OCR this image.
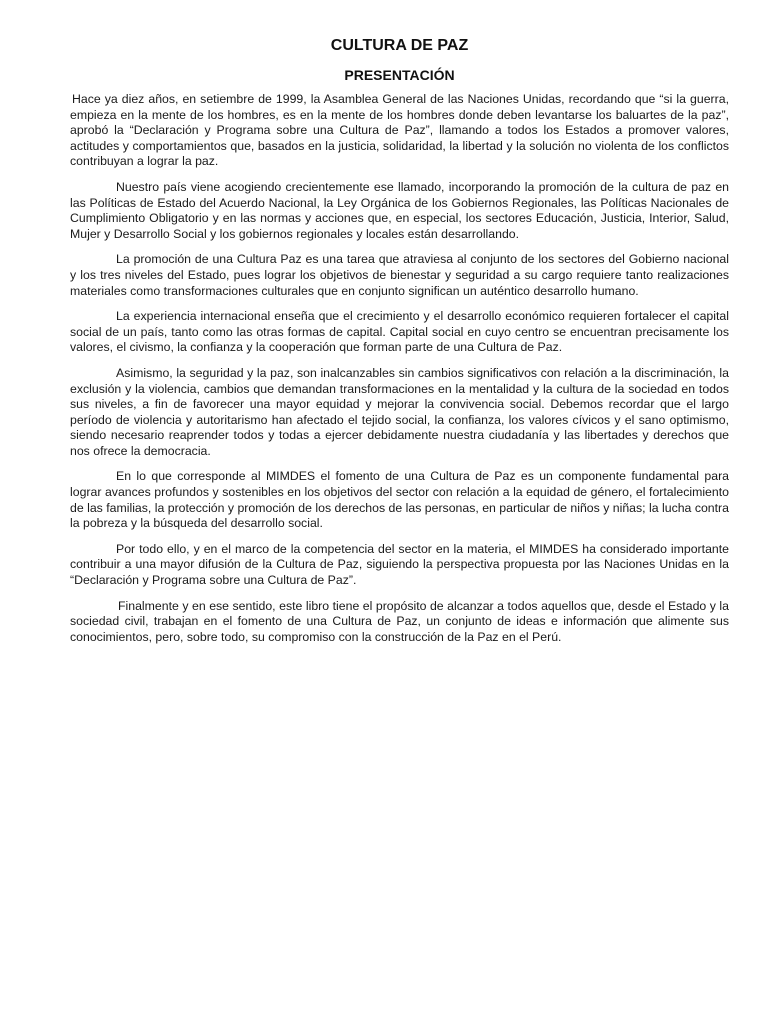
CULTURA DE PAZ
PRESENTACIÓN

Hace ya diez años, en setiembre de 1999, la Asamblea General de las Naciones Unidas, recordando que “si la guerra, empieza en la mente de los hombres, es en la mente de los hombres donde deben levantarse los baluartes de la paz”, aprobó la “Declaración y Programa sobre una Cultura de Paz”, llamando a todos los Estados a promover valores, actitudes y comportamientos que, basados en la justicia, solidaridad, la libertad y la solución no violenta de los conflictos contribuyan a lograr la paz.

Nuestro país viene acogiendo crecientemente ese llamado, incorporando la promoción de la cultura de paz en las Políticas de Estado del Acuerdo Nacional, la Ley Orgánica de los Gobiernos Regionales, las Políticas Nacionales de Cumplimiento Obligatorio y en las normas y acciones que, en especial, los sectores Educación, Justicia, Interior, Salud, Mujer y Desarrollo Social y los gobiernos regionales y locales están desarrollando.

La promoción de una Cultura Paz es una tarea que atraviesa al conjunto de los sectores del Gobierno nacional y los tres niveles del Estado, pues lograr los objetivos de bienestar y seguridad a su cargo requiere tanto realizaciones materiales como transformaciones culturales que en conjunto significan un auténtico desarrollo humano.

La experiencia internacional enseña que el crecimiento y el desarrollo económico requieren fortalecer el capital social de un país, tanto como las otras formas de capital. Capital social en cuyo centro se encuentran precisamente los valores, el civismo, la confianza y la cooperación que forman parte de una Cultura de Paz.

Asimismo, la seguridad y la paz, son inalcanzables sin cambios significativos con relación a la discriminación, la exclusión y la violencia, cambios que demandan transformaciones en la mentalidad y la cultura de la sociedad en todos sus niveles, a fin de favorecer una mayor equidad y mejorar la convivencia social. Debemos recordar que el largo período de violencia y autoritarismo han afectado el tejido social, la confianza, los valores cívicos y el sano optimismo, siendo necesario reaprender todos y todas a ejercer debidamente nuestra ciudadanía y las libertades y derechos que nos ofrece la democracia.

En lo que corresponde al MIMDES el fomento de una Cultura de Paz es un componente fundamental para lograr avances profundos y sostenibles en los objetivos del sector con relación a la equidad de género, el fortalecimiento de las familias, la protección y promoción de los derechos de las personas, en particular de niños y niñas; la lucha contra la pobreza y la búsqueda del desarrollo social.

Por todo ello, y en el marco de la competencia del sector en la materia, el MIMDES ha considerado importante contribuir a una mayor difusión de la Cultura de Paz, siguiendo la perspectiva propuesta por las Naciones Unidas en la “Declaración y Programa sobre una Cultura de Paz”.

Finalmente y en ese sentido, este libro tiene el propósito de alcanzar a todos aquellos que, desde el Estado y la sociedad civil, trabajan en el fomento de una Cultura de Paz, un conjunto de ideas e información que alimente sus conocimientos, pero, sobre todo, su compromiso con la construcción de la Paz en el Perú.
